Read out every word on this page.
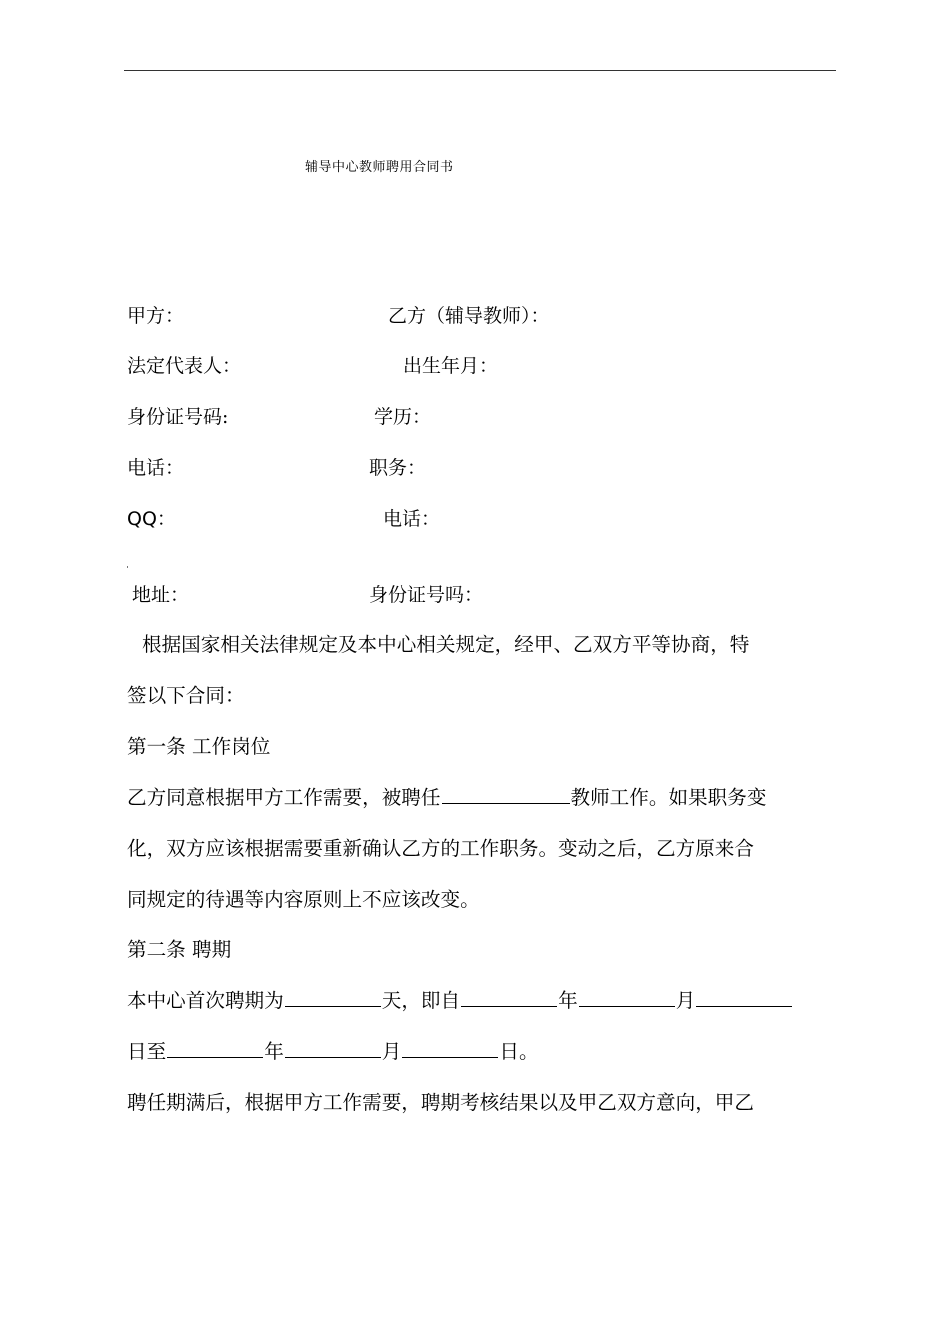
辅导中心教师聘用合同书
甲方：	乙方（辅导教师）：
法定代表人：	出生年月：
身份证号码:	学历：
电话：	职务：
QQ：	电话：
地址：	身份证号吗：
根据国家相关法律规定及本中心相关规定，经甲、乙双方平等协商，特
签以下合同：
第一条 工作岗位
乙方同意根据甲方工作需要，被聘任	教师工作。如果职务变
化，双方应该根据需要重新确认乙方的工作职务。变动之后，乙方原来合
同规定的待遇等内容原则上不应该改变。
第二条 聘期
本中心首次聘期为	天，即自	年	月
日至	年	月	日。
聘任期满后，根据甲方工作需要，聘期考核结果以及甲乙双方意向，甲乙
